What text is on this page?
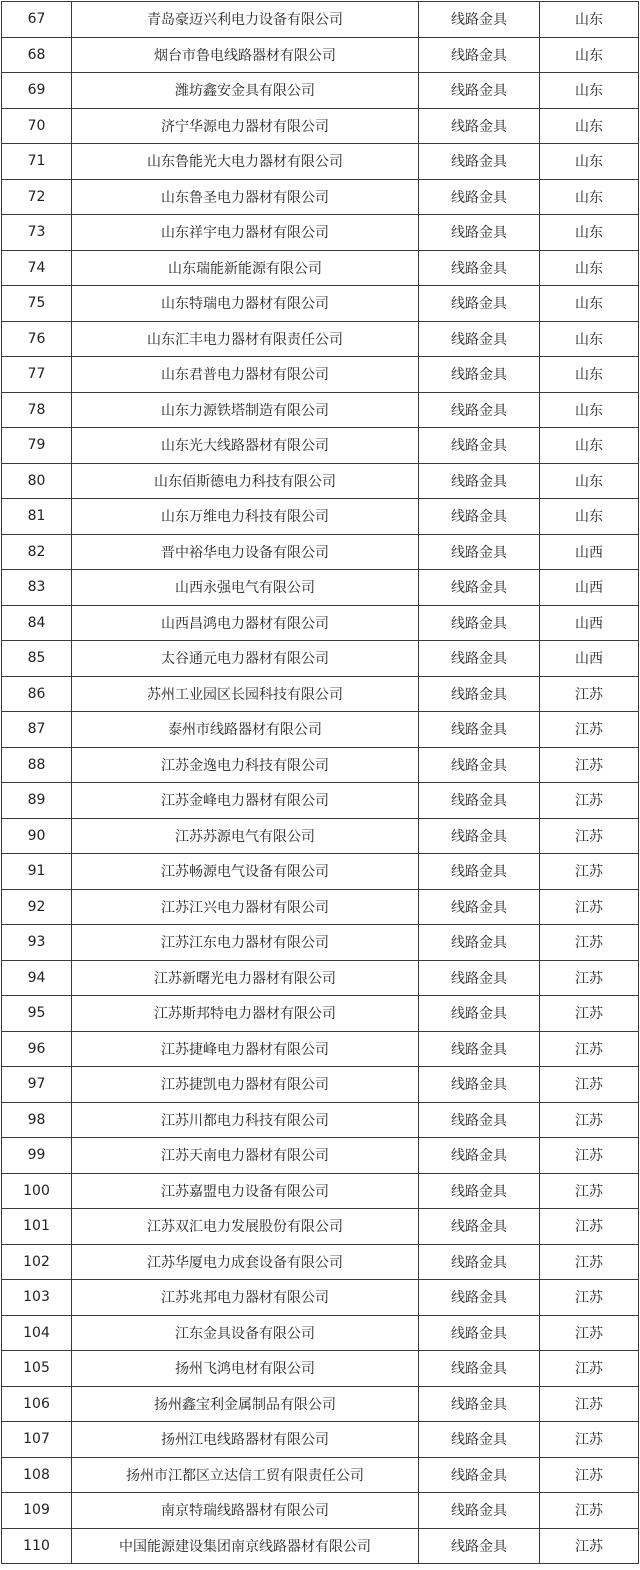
67	青岛豪迈兴利电力设备有限公司	线路金具	山东
68	烟台市鲁电线路器材有限公司	线路金具	山东
69	潍坊鑫安金具有限公司	线路金具	山东
70	济宁华源电力器材有限公司	线路金具	山东
71	山东鲁能光大电力器材有限公司	线路金具	山东
72	山东鲁圣电力器材有限公司	线路金具	山东
73	山东祥宇电力器材有限公司	线路金具	山东
74	山东瑞能新能源有限公司	线路金具	山东
75	山东特瑞电力器材有限公司	线路金具	山东
76	山东汇丰电力器材有限责任公司	线路金具	山东
77	山东君普电力器材有限公司	线路金具	山东
78	山东力源铁塔制造有限公司	线路金具	山东
79	山东光大线路器材有限公司	线路金具	山东
80	山东佰斯德电力科技有限公司	线路金具	山东
81	山东万维电力科技有限公司	线路金具	山东
82	晋中裕华电力设备有限公司	线路金具	山西
83	山西永强电气有限公司	线路金具	山西
84	山西昌鸿电力器材有限公司	线路金具	山西
85	太谷通元电力器材有限公司	线路金具	山西
86	苏州工业园区长园科技有限公司	线路金具	江苏
87	泰州市线路器材有限公司	线路金具	江苏
88	江苏金逸电力科技有限公司	线路金具	江苏
89	江苏金峰电力器材有限公司	线路金具	江苏
90	江苏苏源电气有限公司	线路金具	江苏
91	江苏畅源电气设备有限公司	线路金具	江苏
92	江苏江兴电力器材有限公司	线路金具	江苏
93	江苏江东电力器材有限公司	线路金具	江苏
94	江苏新曙光电力器材有限公司	线路金具	江苏
95	江苏斯邦特电力器材有限公司	线路金具	江苏
96	江苏捷峰电力器材有限公司	线路金具	江苏
97	江苏捷凯电力器材有限公司	线路金具	江苏
98	江苏川都电力科技有限公司	线路金具	江苏
99	江苏天南电力器材有限公司	线路金具	江苏
100	江苏嘉盟电力设备有限公司	线路金具	江苏
101	江苏双汇电力发展股份有限公司	线路金具	江苏
102	江苏华厦电力成套设备有限公司	线路金具	江苏
103	江苏兆邦电力器材有限公司	线路金具	江苏
104	江东金具设备有限公司	线路金具	江苏
105	扬州飞鸿电材有限公司	线路金具	江苏
106	扬州鑫宝利金属制品有限公司	线路金具	江苏
107	扬州江电线路器材有限公司	线路金具	江苏
108	扬州市江都区立达信工贸有限责任公司	线路金具	江苏
109	南京特瑞线路器材有限公司	线路金具	江苏
110	中国能源建设集团南京线路器材有限公司	线路金具	江苏
